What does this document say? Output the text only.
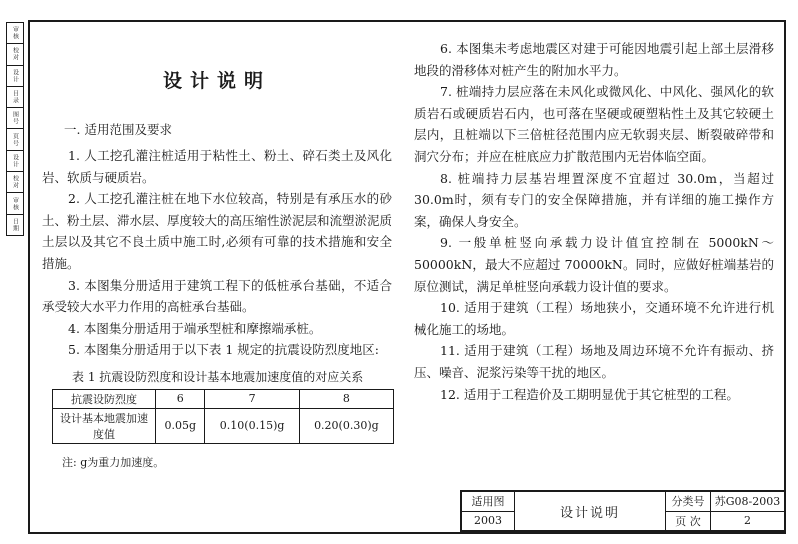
审核
校对
设计
目录
图号
页号
设计
校对
审核
日期
设计说明
一. 适用范围及要求

1. 人工挖孔灌注桩适用于粘性土、粉土、碎石类土及风化岩、软质与硬质岩。

2. 人工挖孔灌注桩在地下水位较高，特别是有承压水的砂土、粉土层、滞水层、厚度较大的高压缩性淤泥层和流塑淤泥质土层以及其它不良土质中施工时,必须有可靠的技术措施和安全措施。

3. 本图集分册适用于建筑工程下的低桩承台基础，不适合承受较大水平力作用的高桩承台基础。

4. 本图集分册适用于端承型桩和摩擦端承桩。

5. 本图集分册适用于以下表 1 规定的抗震设防烈度地区:

表 1 抗震设防烈度和设计基本地震加速度值的对应关系
抗震设防烈度	6	7	8
设计基本地震加速度值	0.05g	0.10(0.15)g	0.20(0.30)g
注: g为重力加速度。

6. 本图集未考虑地震区对建于可能因地震引起上部土层滑移地段的滑移体对桩产生的附加水平力。

7. 桩端持力层应落在未风化或微风化、中风化、强风化的软质岩石或硬质岩石内，也可落在坚硬或硬塑粘性土及其它较硬土层内，且桩端以下三倍桩径范围内应无软弱夹层、断裂破碎带和洞穴分布；并应在桩底应力扩散范围内无岩体临空面。

8. 桩端持力层基岩埋置深度不宜超过 30.0m，当超过 30.0m时，须有专门的安全保障措施，并有详细的施工操作方案，确保人身安全。

9. 一般单桩竖向承载力设计值宜控制在 5000kN～50000kN，最大不应超过 70000kN。同时，应做好桩端基岩的原位测试，满足单桩竖向承载力设计值的要求。

10. 适用于建筑（工程）场地狭小，交通环境不允许进行机械化施工的场地。

11. 适用于建筑（工程）场地及周边环境不允许有振动、挤压、噪音、泥浆污染等干扰的地区。

12. 适用于工程造价及工期明显优于其它桩型的工程。

适用图
2003
设计说明
分类号 苏G08-2003
页 次	2
